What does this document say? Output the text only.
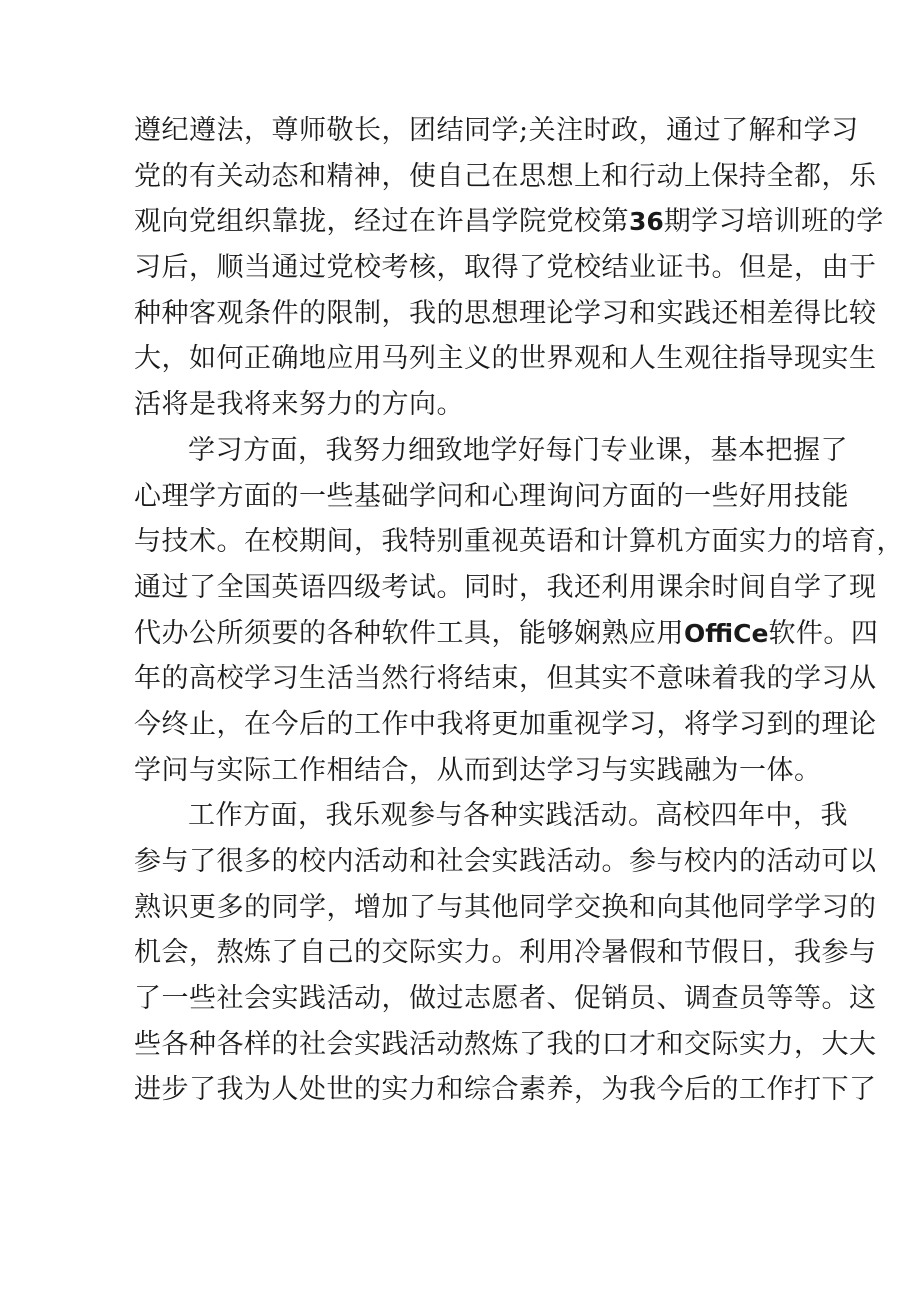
遵纪遵法，尊师敬长，团结同学;关注时政，通过了解和学习
党的有关动态和精神，使自己在思想上和行动上保持全都，乐
观向党组织靠拢，经过在许昌学院党校第36期学习培训班的学
习后，顺当通过党校考核，取得了党校结业证书。但是，由于
种种客观条件的限制，我的思想理论学习和实践还相差得比较
大，如何正确地应用马列主义的世界观和人生观往指导现实生
活将是我将来努力的方向。
学习方面，我努力细致地学好每门专业课，基本把握了
心理学方面的一些基础学问和心理询问方面的一些好用技能
与技术。在校期间，我特别重视英语和计算机方面实力的培育，
通过了全国英语四级考试。同时，我还利用课余时间自学了现
代办公所须要的各种软件工具，能够娴熟应用OffiCe软件。四
年的高校学习生活当然行将结束，但其实不意味着我的学习从
今终止，在今后的工作中我将更加重视学习，将学习到的理论
学问与实际工作相结合，从而到达学习与实践融为一体。
工作方面，我乐观参与各种实践活动。高校四年中，我
参与了很多的校内活动和社会实践活动。参与校内的活动可以
熟识更多的同学，增加了与其他同学交换和向其他同学学习的
机会，熬炼了自己的交际实力。利用冷暑假和节假日，我参与
了一些社会实践活动，做过志愿者、促销员、调查员等等。这
些各种各样的社会实践活动熬炼了我的口才和交际实力，大大
进步了我为人处世的实力和综合素养，为我今后的工作打下了
